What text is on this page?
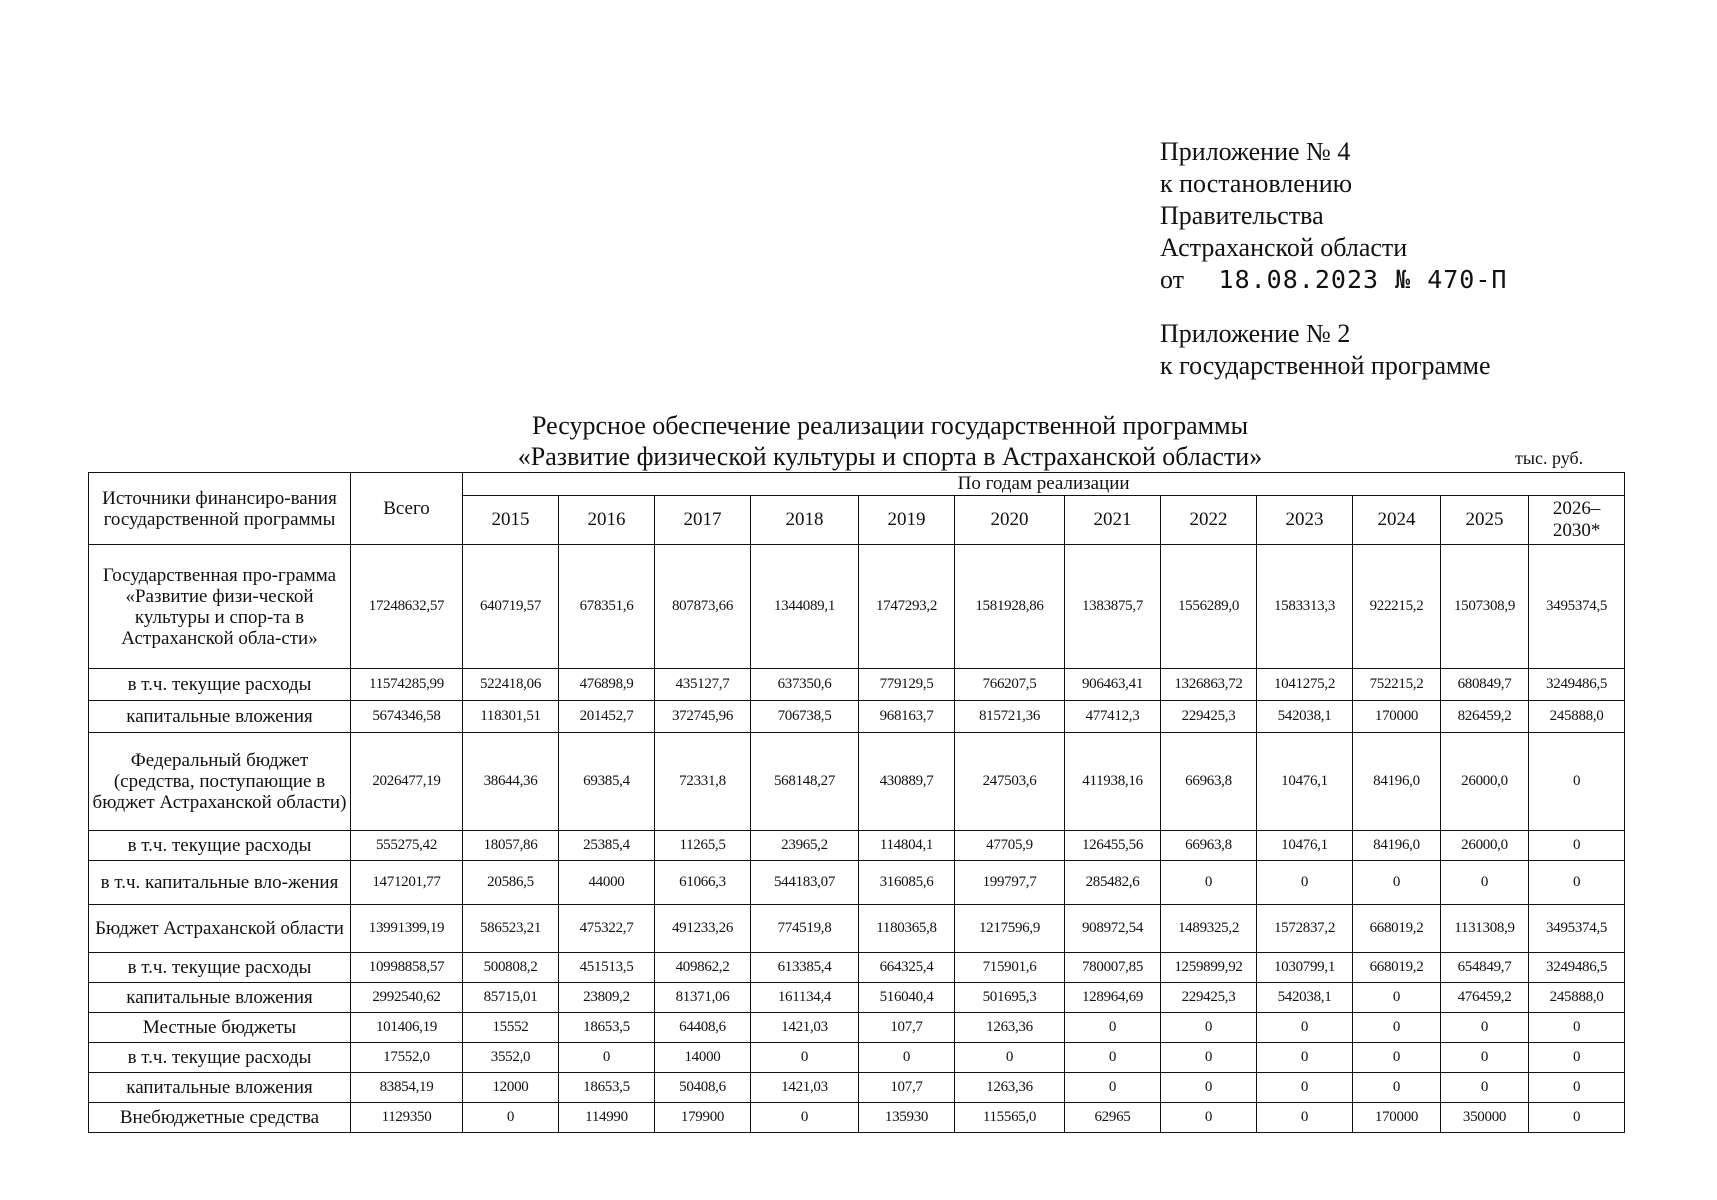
Приложение № 4
к постановлению
Правительства
Астраханской области
от 18.08.2023 № 470-П
Приложение № 2
к государственной программе
Ресурсное обеспечение реализации государственной программы
«Развитие физической культуры и спорта в Астраханской области»	тыс. руб.
Источники финансиро-вания государственной программы	Всего	По годам реализации											
		2015	2016	2017	2018	2019	2020	2021	2022	2023	2024	2025	2026–2030*
Государственная про-грамма «Развитие физи-ческой культуры и спор-та в Астраханской обла-сти»	17248632,57	640719,57	678351,6	807873,66	1344089,1	1747293,2	1581928,86	1383875,7	1556289,0	1583313,3	922215,2	1507308,9	3495374,5
в т.ч. текущие расходы	11574285,99	522418,06	476898,9	435127,7	637350,6	779129,5	766207,5	906463,41	1326863,72	1041275,2	752215,2	680849,7	3249486,5
капитальные вложения	5674346,58	118301,51	201452,7	372745,96	706738,5	968163,7	815721,36	477412,3	229425,3	542038,1	170000	826459,2	245888,0
Федеральный бюджет (средства, поступающие в бюджет Астраханской области)	2026477,19	38644,36	69385,4	72331,8	568148,27	430889,7	247503,6	411938,16	66963,8	10476,1	84196,0	26000,0	0
в т.ч. текущие расходы	555275,42	18057,86	25385,4	11265,5	23965,2	114804,1	47705,9	126455,56	66963,8	10476,1	84196,0	26000,0	0
в т.ч. капитальные вло-жения	1471201,77	20586,5	44000	61066,3	544183,07	316085,6	199797,7	285482,6	0	0	0	0	0
Бюджет Астраханской области	13991399,19	586523,21	475322,7	491233,26	774519,8	1180365,8	1217596,9	908972,54	1489325,2	1572837,2	668019,2	1131308,9	3495374,5
в т.ч. текущие расходы	10998858,57	500808,2	451513,5	409862,2	613385,4	664325,4	715901,6	780007,85	1259899,92	1030799,1	668019,2	654849,7	3249486,5
капитальные вложения	2992540,62	85715,01	23809,2	81371,06	161134,4	516040,4	501695,3	128964,69	229425,3	542038,1	0	476459,2	245888,0
Местные бюджеты	101406,19	15552	18653,5	64408,6	1421,03	107,7	1263,36	0	0	0	0	0	0
в т.ч. текущие расходы	17552,0	3552,0	0	14000	0	0	0	0	0	0	0	0	0
капитальные вложения	83854,19	12000	18653,5	50408,6	1421,03	107,7	1263,36	0	0	0	0	0	0
Внебюджетные средства	1129350	0	114990	179900	0	135930	115565,0	62965	0	0	170000	350000	0
